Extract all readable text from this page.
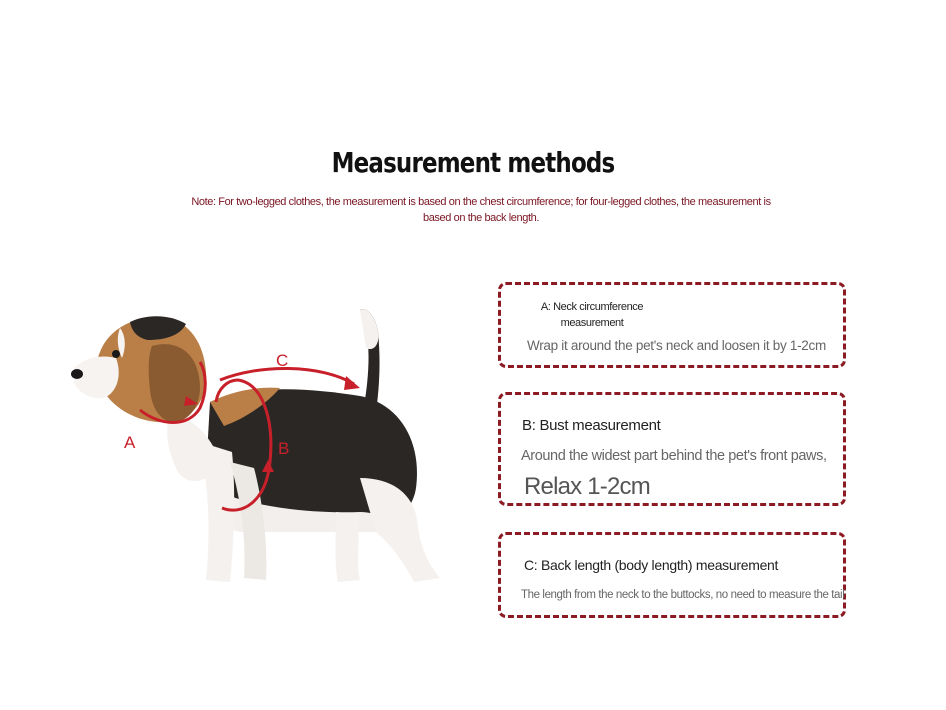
Measurement methods
Note: For two-legged clothes, the measurement is based on the chest circumference; for four-legged clothes, the measurement is based on the back length.
A	B
C
A: Neck circumference measurement
Wrap it around the pet's neck and loosen it by 1-2cm
B: Bust measurement
Around the widest part behind the pet's front paws,
Relax 1-2cm
C: Back length (body length) measurement
The length from the neck to the buttocks, no need to measure the tail
